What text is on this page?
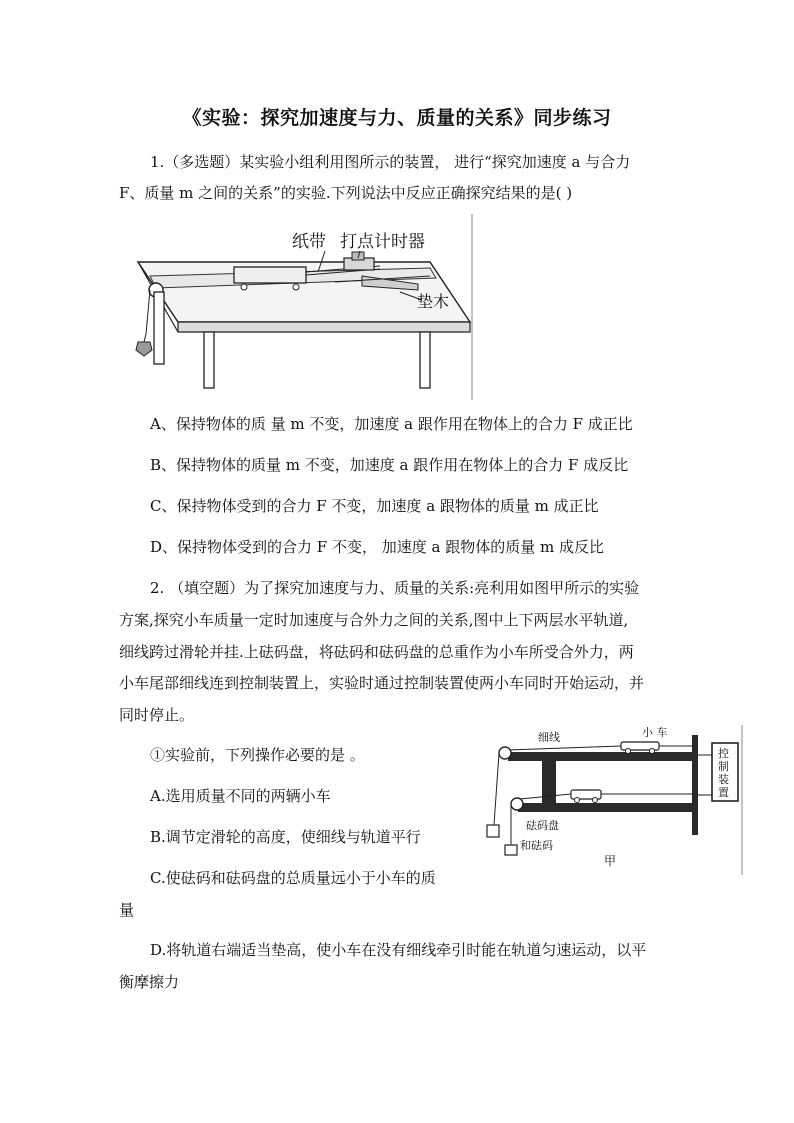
《实验：探究加速度与力、质量的关系》同步练习
1.（多选题）某实验小组利用图所示的装置， 进行“探究加速度 a 与合力
F、质量 m 之间的关系”的实验.下列说法中反应正确探究结果的是( )
纸带 打点计时器
垫木
A、保持物体的质 量 m 不变，加速度 a 跟作用在物体上的合力 F 成正比
B、保持物体的质量 m 不变，加速度 a 跟作用在物体上的合力 F 成反比
C、保持物体受到的合力 F 不变，加速度 a 跟物体的质量 m 成正比
D、保持物体受到的合力 F 不变， 加速度 a 跟物体的质量 m 成反比
2. （填空题）为了探究加速度与力、质量的关系:亮利用如图甲所示的实验
方案,探究小车质量一定时加速度与合外力之间的关系,图中上下两层水平轨道,
细线跨过滑轮并挂.上砝码盘，将砝码和砝码盘的总重作为小车所受合外力，两
小车尾部细线连到控制装置上，实验时通过控制装置使两小车同时开始运动，并
同时停止。
①实验前，下列操作必要的是 。
A.选用质量不同的两辆小车
B.调节定滑轮的高度，使细线与轨道平行
C.使砝码和砝码盘的总质量远小于小车的质
量
D.将轨道右端适当垫高，使小车在没有细线牵引时能在轨道匀速运动，以平
衡摩擦力
细线	小 车
控
制
装
置
砝码盘
和砝码
甲
